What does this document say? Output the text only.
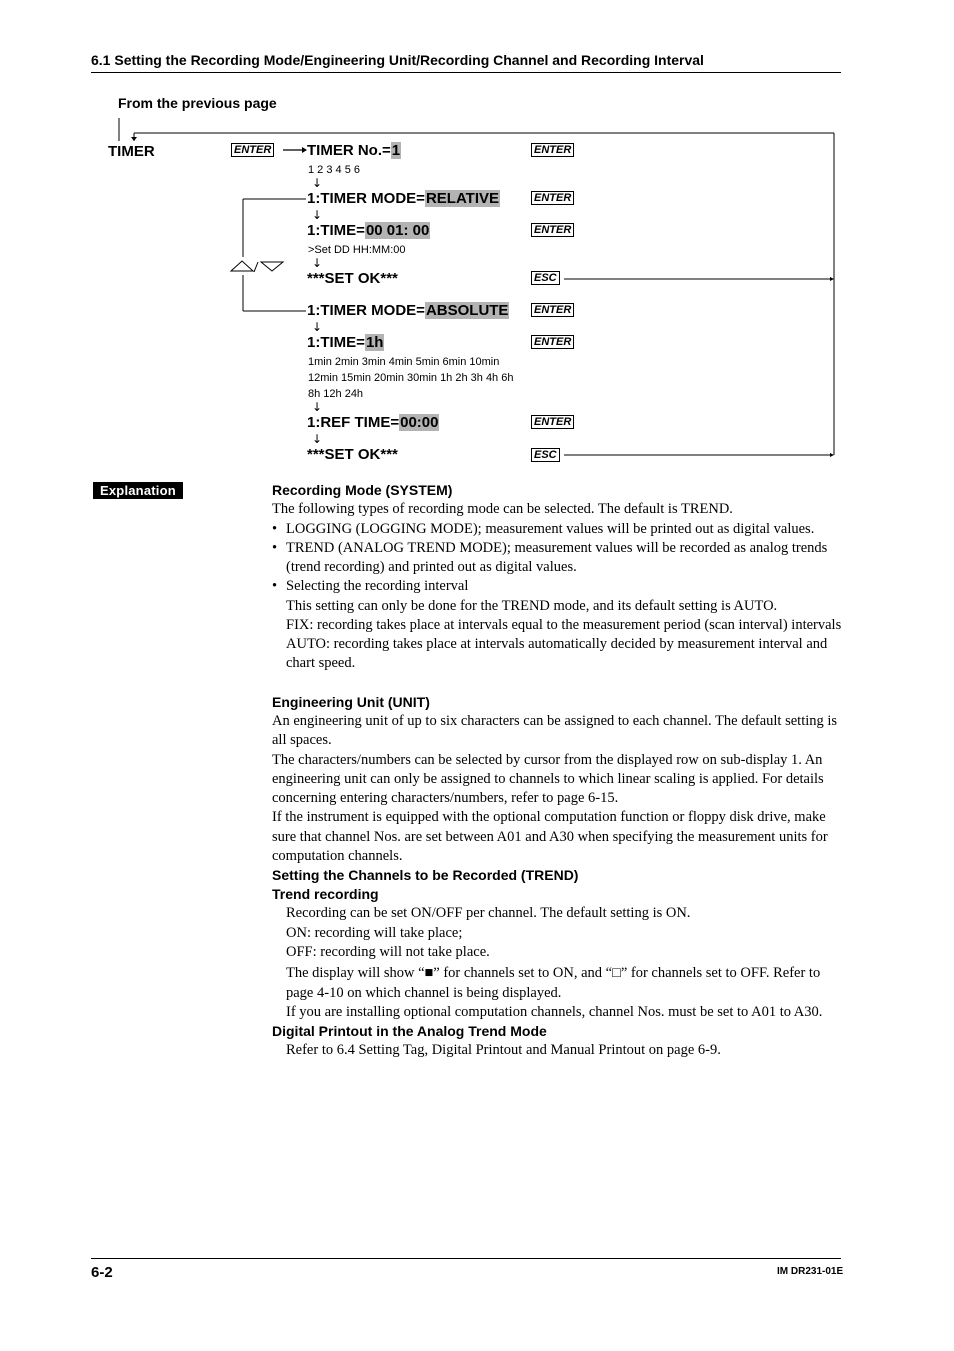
6.1 Setting the Recording Mode/Engineering Unit/Recording Channel and Recording Interval
From the previous page
TIMER	ENTER TIMER No.=1
1 2 3 4 5 6
ENTER
↓
1:TIMER MODE=RELATIVE	ENTER
↓
1:TIME=00 01: 00
>Set DD HH:MM:00
ENTER
↓
***SET OK***	ESC
1:TIMER MODE=ABSOLUTE ENTER
↓
1:TIME=1h	ENTER
1min 2min 3min 4min 5min 6min 10min
12min 15min 20min 30min 1h 2h 3h 4h 6h
8h 12h 24h
↓
1:REF TIME=00:00	ENTER
↓
***SET OK***	ESC
Explanation	Recording Mode (SYSTEM)
The following types of recording mode can be selected. The default is TREND.
• LOGGING (LOGGING MODE); measurement values will be printed out as digital values.
• TREND (ANALOG TREND MODE); measurement values will be recorded as analog trends
(trend recording) and printed out as digital values.
• Selecting the recording interval
This setting can only be done for the TREND mode, and its default setting is AUTO.
FIX: recording takes place at intervals equal to the measurement period (scan interval) intervals
AUTO: recording takes place at intervals automatically decided by measurement interval and
chart speed.
Engineering Unit (UNIT)
An engineering unit of up to six characters can be assigned to each channel. The default setting is
all spaces.
The characters/numbers can be selected by cursor from the displayed row on sub-display 1. An
engineering unit can only be assigned to channels to which linear scaling is applied. For details
concerning entering characters/numbers, refer to page 6-15.
If the instrument is equipped with the optional computation function or floppy disk drive, make
sure that channel Nos. are set between A01 and A30 when specifying the measurement units for
computation channels.
Setting the Channels to be Recorded (TREND)
Trend recording
Recording can be set ON/OFF per channel. The default setting is ON.
ON: recording will take place;
OFF: recording will not take place.
The display will show “■” for channels set to ON, and “□” for channels set to OFF. Refer to
page 4-10 on which channel is being displayed.
If you are installing optional computation channels, channel Nos. must be set to A01 to A30.
Digital Printout in the Analog Trend Mode
Refer to 6.4 Setting Tag, Digital Printout and Manual Printout on page 6-9.
6-2	IM DR231-01E
